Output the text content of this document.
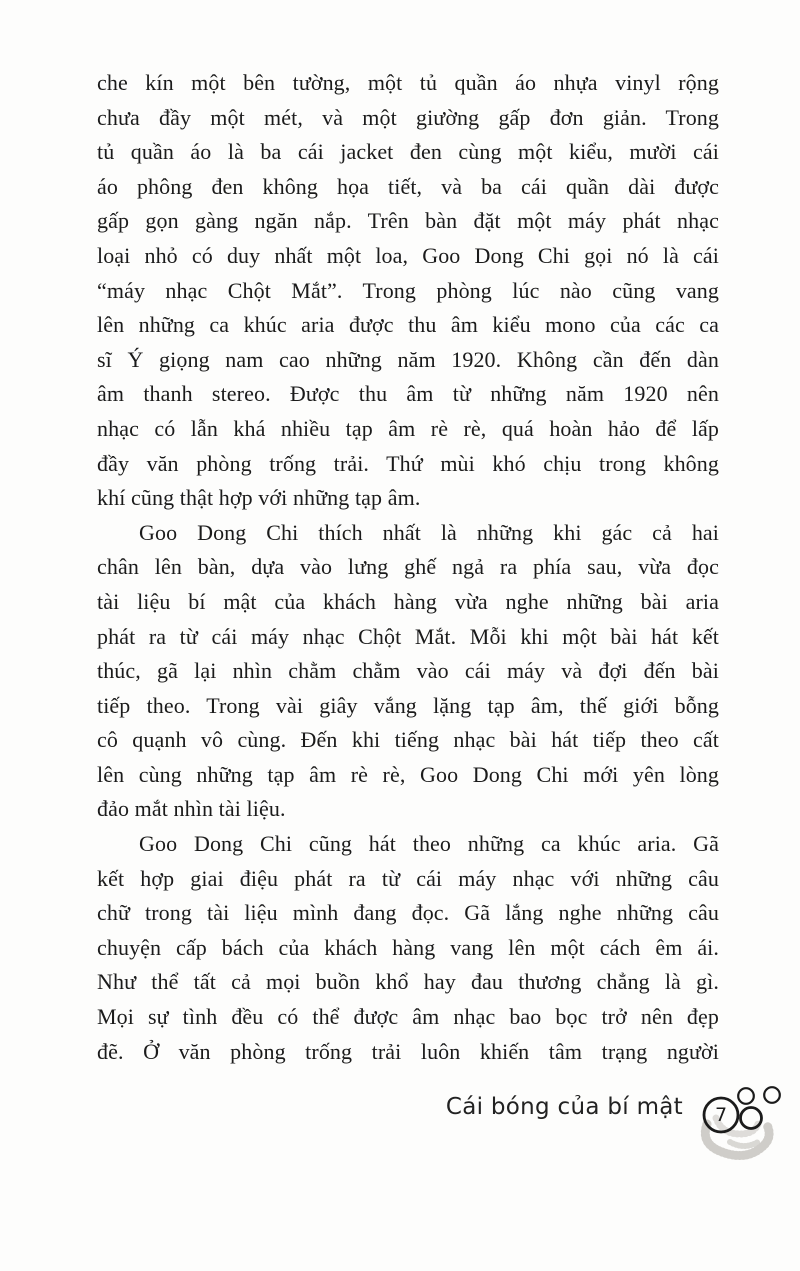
che kín một bên tường, một tủ quần áo nhựa vinyl rộng
chưa đầy một mét, và một giường gấp đơn giản. Trong
tủ quần áo là ba cái jacket đen cùng một kiểu, mười cái
áo phông đen không họa tiết, và ba cái quần dài được
gấp gọn gàng ngăn nắp. Trên bàn đặt một máy phát nhạc
loại nhỏ có duy nhất một loa, Goo Dong Chi gọi nó là cái
“máy nhạc Chột Mắt”. Trong phòng lúc nào cũng vang
lên những ca khúc aria được thu âm kiểu mono của các ca
sĩ Ý giọng nam cao những năm 1920. Không cần đến dàn
âm thanh stereo. Được thu âm từ những năm 1920 nên
nhạc có lẫn khá nhiều tạp âm rè rè, quá hoàn hảo để lấp
đầy văn phòng trống trải. Thứ mùi khó chịu trong không
khí cũng thật hợp với những tạp âm.
Goo Dong Chi thích nhất là những khi gác cả hai
chân lên bàn, dựa vào lưng ghế ngả ra phía sau, vừa đọc
tài liệu bí mật của khách hàng vừa nghe những bài aria
phát ra từ cái máy nhạc Chột Mắt. Mỗi khi một bài hát kết
thúc, gã lại nhìn chằm chằm vào cái máy và đợi đến bài
tiếp theo. Trong vài giây vắng lặng tạp âm, thế giới bỗng
cô quạnh vô cùng. Đến khi tiếng nhạc bài hát tiếp theo cất
lên cùng những tạp âm rè rè, Goo Dong Chi mới yên lòng
đảo mắt nhìn tài liệu.
Goo Dong Chi cũng hát theo những ca khúc aria. Gã
kết hợp giai điệu phát ra từ cái máy nhạc với những câu
chữ trong tài liệu mình đang đọc. Gã lắng nghe những câu
chuyện cấp bách của khách hàng vang lên một cách êm ái.
Như thể tất cả mọi buồn khổ hay đau thương chẳng là gì.
Mọi sự tình đều có thể được âm nhạc bao bọc trở nên đẹp
đẽ. Ở văn phòng trống trải luôn khiến tâm trạng người
Cái bóng của bí mật	7
